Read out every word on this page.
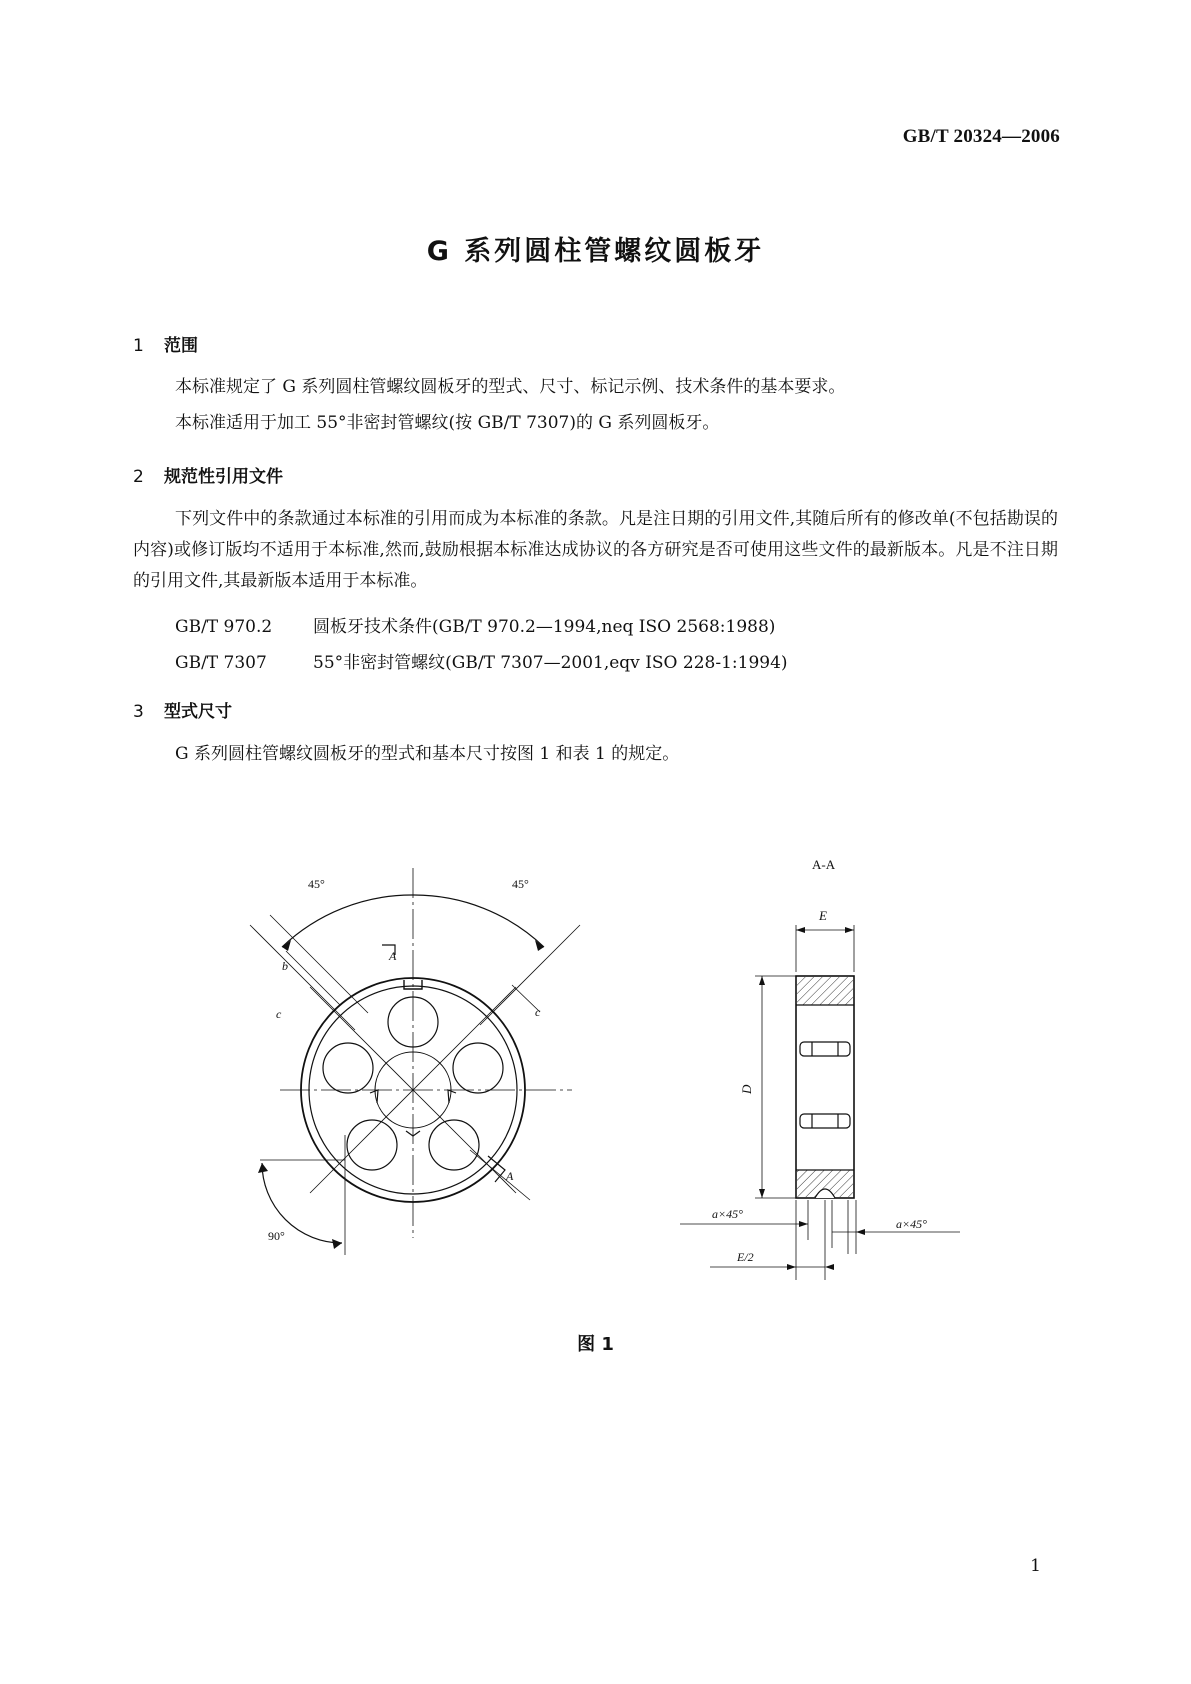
GB/T 20324—2006
G 系列圆柱管螺纹圆板牙
1 范围
本标准规定了 G 系列圆柱管螺纹圆板牙的型式、尺寸、标记示例、技术条件的基本要求。
本标准适用于加工 55°非密封管螺纹(按 GB/T 7307)的 G 系列圆板牙。
2 规范性引用文件
下列文件中的条款通过本标准的引用而成为本标准的条款。凡是注日期的引用文件,其随后所有的修改单(不包括勘误的内容)或修订版均不适用于本标准,然而,鼓励根据本标准达成协议的各方研究是否可使用这些文件的最新版本。凡是不注日期的引用文件,其最新版本适用于本标准。
GB/T 970.2 圆板牙技术条件(GB/T 970.2—1994,neq ISO 2568:1988)
GB/T 7307	55°非密封管螺纹(GB/T 7307—2001,eqv ISO 228-1:1994)
3 型式尺寸
G 系列圆柱管螺纹圆板牙的型式和基本尺寸按图 1 和表 1 的规定。
45°	45°
90°
A
A
b
c	c
A-A
E
D
a×45°
a×45°
E/2
图 1
1
